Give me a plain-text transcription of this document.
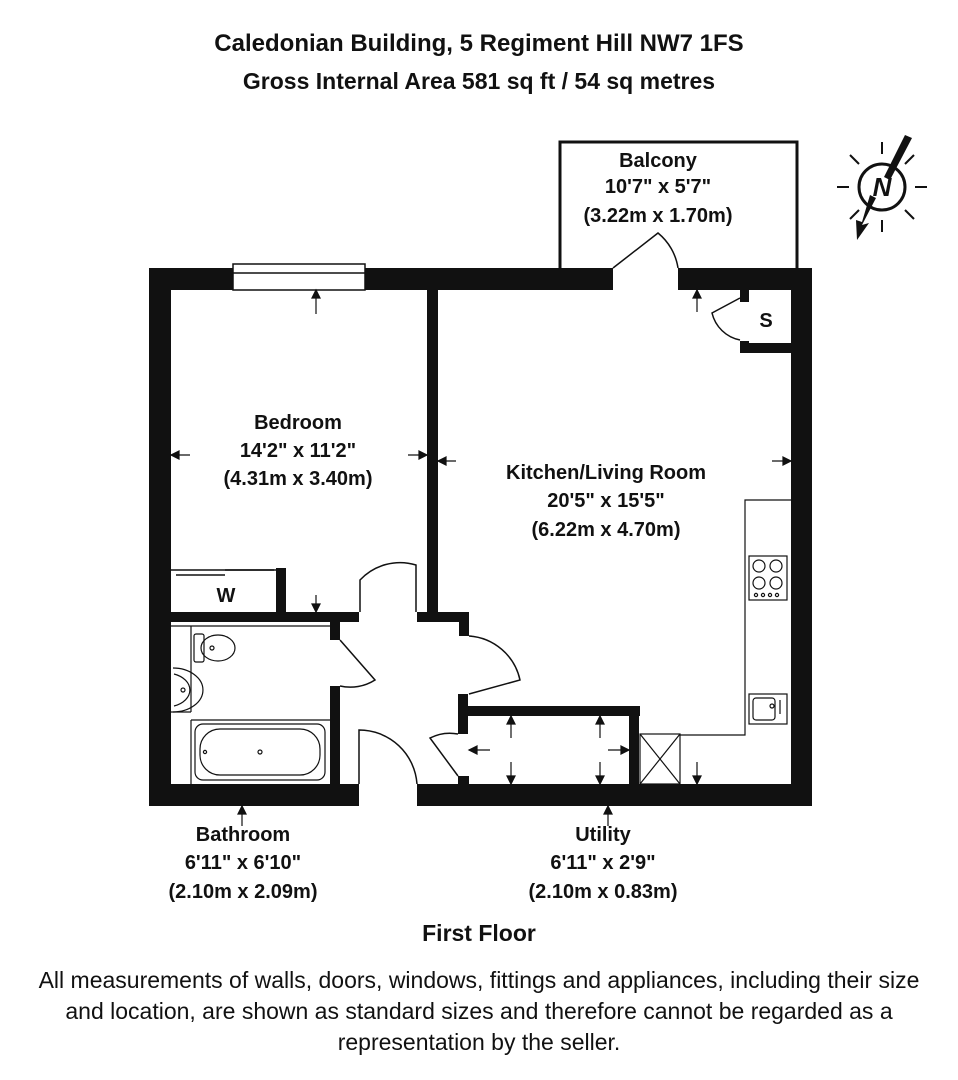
Caledonian Building, 5 Regiment Hill NW7 1FS
Gross Internal Area 581 sq ft / 54 sq metres
S
W
N
Balcony
10'7" x 5'7"
(3.22m x 1.70m)
Bedroom
14'2" x 11'2"
(4.31m x 3.40m)	Kitchen/Living Room
20'5" x 15'5"
(6.22m x 4.70m)
Bathroom
6'11" x 6'10"
(2.10m x 2.09m)
Utility
6'11" x 2'9"
(2.10m x 0.83m)
First Floor
All measurements of walls, doors, windows, fittings and appliances, including their size and location, are shown as standard sizes and therefore cannot be regarded as a representation by the seller.
